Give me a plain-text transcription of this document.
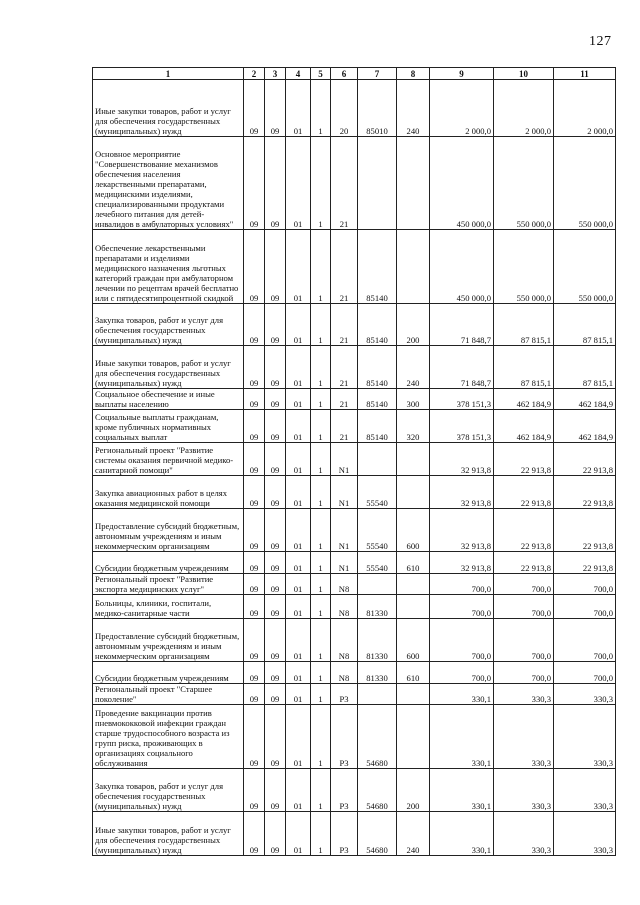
127
1	2	3	4	5	6	7	8	9	10	11
Иные закупки товаров, работ и услуг для обеспечения государственных (муниципальных) нужд	09	09	01	1	20	85010	240	2 000,0	2 000,0	2 000,0
Основное мероприятие "Совершенствование механизмов обеспечения населения лекарственными препаратами, медицинскими изделиями, специализированными продуктами лечебного питания для детей-инвалидов в амбулаторных условиях"	09	09	01	1	21			450 000,0	550 000,0	550 000,0
Обеспечение лекарственными препаратами и изделиями медицинского назначения льготных категорий граждан при амбулаторном лечении по рецептам врачей бесплатно или с пятидесятипроцентной скидкой	09	09	01	1	21	85140		450 000,0	550 000,0	550 000,0
Закупка товаров, работ и услуг для обеспечения государственных (муниципальных) нужд	09	09	01	1	21	85140	200	71 848,7	87 815,1	87 815,1
Иные закупки товаров, работ и услуг для обеспечения государственных (муниципальных) нужд	09	09	01	1	21	85140	240	71 848,7	87 815,1	87 815,1
Социальное обеспечение и иные выплаты населению	09	09	01	1	21	85140	300	378 151,3	462 184,9	462 184,9
Социальные выплаты гражданам, кроме публичных нормативных социальных выплат	09	09	01	1	21	85140	320	378 151,3	462 184,9	462 184,9
Региональный проект "Развитие системы оказания первичной медико-санитарной помощи"	09	09	01	1	N1			32 913,8	22 913,8	22 913,8
Закупка авиационных работ в целях оказания медицинской помощи	09	09	01	1	N1	55540		32 913,8	22 913,8	22 913,8
Предоставление субсидий бюджетным, автономным учреждениям и иным некоммерческим организациям	09	09	01	1	N1	55540	600	32 913,8	22 913,8	22 913,8
Субсидии бюджетным учреждениям	09	09	01	1	N1	55540	610	32 913,8	22 913,8	22 913,8
Региональный проект "Развитие экспорта медицинских услуг"	09	09	01	1	N8			700,0	700,0	700,0
Больницы, клиники, госпитали, медико-санитарные части	09	09	01	1	N8	81330		700,0	700,0	700,0
Предоставление субсидий бюджетным, автономным учреждениям и иным некоммерческим организациям	09	09	01	1	N8	81330	600	700,0	700,0	700,0
Субсидии бюджетным учреждениям	09	09	01	1	N8	81330	610	700,0	700,0	700,0
Региональный проект "Старшее поколение"	09	09	01	1	P3			330,1	330,3	330,3
Проведение вакцинации против пневмококковой инфекции граждан старше трудоспособного возраста из групп риска, проживающих в организациях социального обслуживания	09	09	01	1	P3	54680		330,1	330,3	330,3
Закупка товаров, работ и услуг для обеспечения государственных (муниципальных) нужд	09	09	01	1	P3	54680	200	330,1	330,3	330,3
Иные закупки товаров, работ и услуг для обеспечения государственных (муниципальных) нужд	09	09	01	1	P3	54680	240	330,1	330,3	330,3
